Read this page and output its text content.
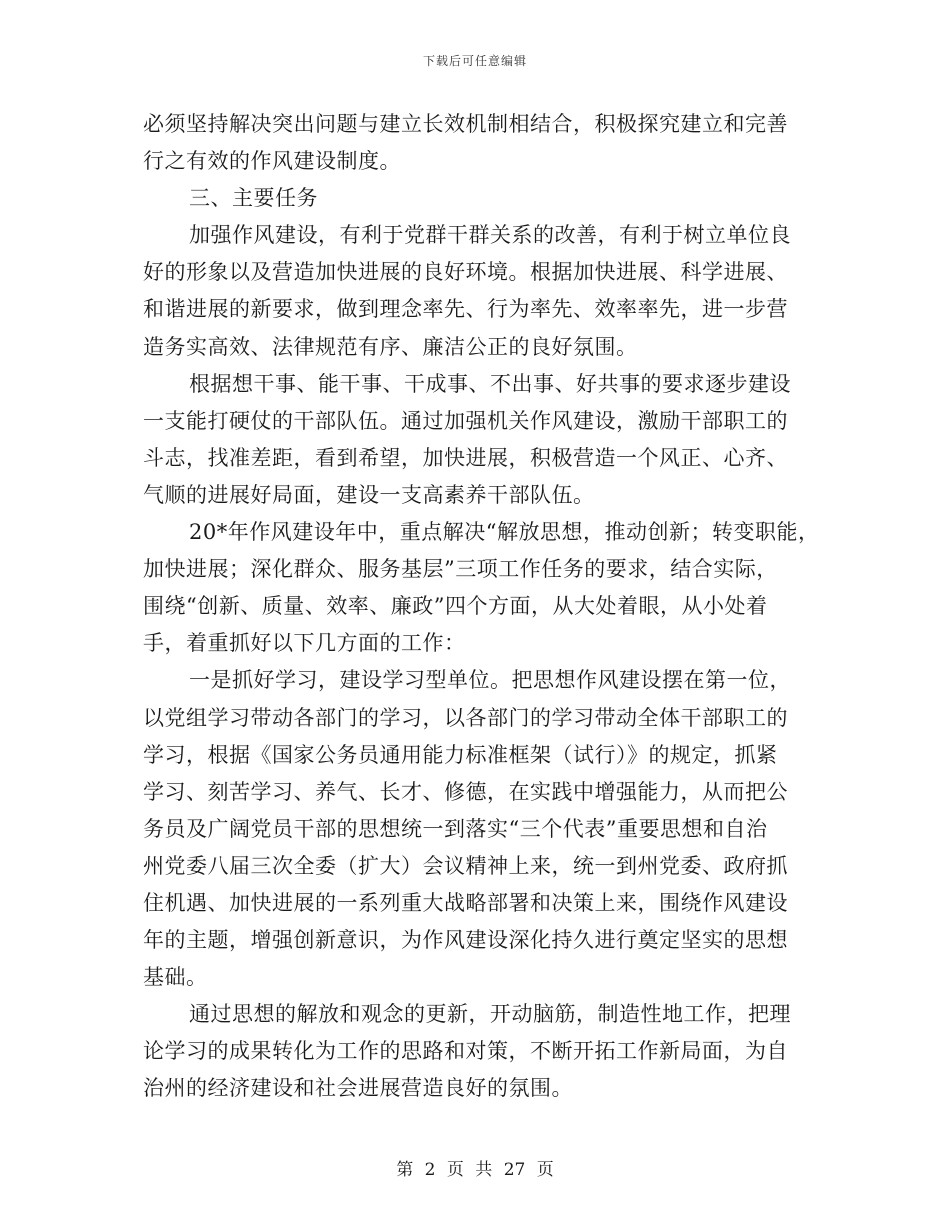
下载后可任意编辑

必须坚持解决突出问题与建立长效机制相结合，积极探究建立和完善
行之有效的作风建设制度。

三、主要任务

加强作风建设，有利于党群干群关系的改善，有利于树立单位良
好的形象以及营造加快进展的良好环境。根据加快进展、科学进展、
和谐进展的新要求，做到理念率先、行为率先、效率率先，进一步营
造务实高效、法律规范有序、廉洁公正的良好氛围。

根据想干事、能干事、干成事、不出事、好共事的要求逐步建设
一支能打硬仗的干部队伍。通过加强机关作风建设，激励干部职工的
斗志，找准差距，看到希望，加快进展，积极营造一个风正、心齐、
气顺的进展好局面，建设一支高素养干部队伍。

20*年作风建设年中，重点解决“解放思想，推动创新；转变职能，
加快进展；深化群众、服务基层”三项工作任务的要求，结合实际，
围绕“创新、质量、效率、廉政”四个方面，从大处着眼，从小处着
手，着重抓好以下几方面的工作：

一是抓好学习，建设学习型单位。把思想作风建设摆在第一位，
以党组学习带动各部门的学习，以各部门的学习带动全体干部职工的
学习，根据《国家公务员通用能力标准框架（试行）》的规定，抓紧
学习、刻苦学习、养气、长才、修德，在实践中增强能力，从而把公
务员及广阔党员干部的思想统一到落实“三个代表”重要思想和自治
州党委八届三次全委（扩大）会议精神上来，统一到州党委、政府抓
住机遇、加快进展的一系列重大战略部署和决策上来，围绕作风建设
年的主题，增强创新意识，为作风建设深化持久进行奠定坚实的思想
基础。

通过思想的解放和观念的更新，开动脑筋，制造性地工作，把理
论学习的成果转化为工作的思路和对策，不断开拓工作新局面，为自
治州的经济建设和社会进展营造良好的氛围。

第 2 页 共 27 页
